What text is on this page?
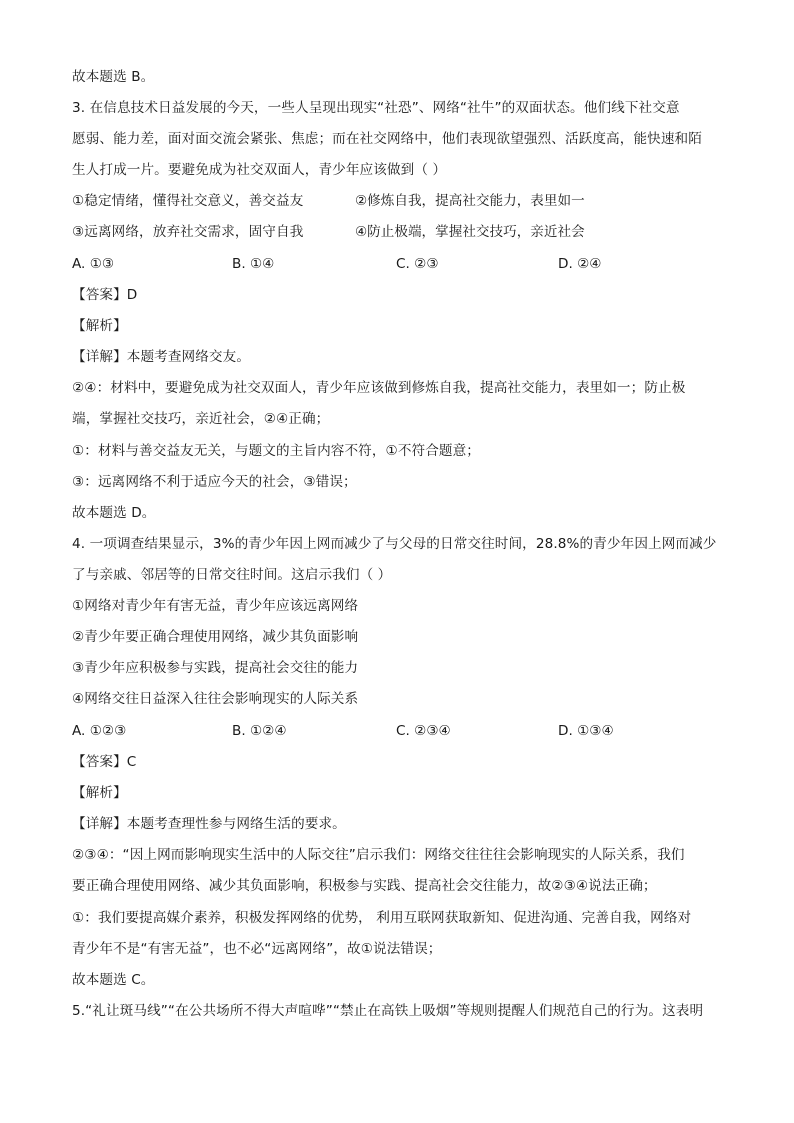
故本题选 B。
3. 在信息技术日益发展的今天，一些人呈现出现实“社恐”、网络“社牛”的双面状态。他们线下社交意
愿弱、能力差，面对面交流会紧张、焦虑；而在社交网络中，他们表现欲望强烈、活跃度高，能快速和陌
生人打成一片。要避免成为社交双面人，青少年应该做到（ ）
①稳定情绪，懂得社交意义，善交益友	②修炼自我，提高社交能力，表里如一
③远离网络，放弃社交需求，固守自我	④防止极端，掌握社交技巧，亲近社会
A. ①③	B. ①④	C. ②③	D. ②④
【答案】D
【解析】
【详解】本题考查网络交友。
②④：材料中，要避免成为社交双面人，青少年应该做到修炼自我，提高社交能力，表里如一；防止极
端，掌握社交技巧，亲近社会，②④正确；
①：材料与善交益友无关，与题文的主旨内容不符，①不符合题意；
③：远离网络不利于适应今天的社会，③错误；
故本题选 D。
4. 一项调查结果显示，3%的青少年因上网而减少了与父母的日常交往时间，28.8%的青少年因上网而减少
了与亲戚、邻居等的日常交往时间。这启示我们（ ）
①网络对青少年有害无益，青少年应该远离网络
②青少年要正确合理使用网络，减少其负面影响
③青少年应积极参与实践，提高社会交往的能力
④网络交往日益深入往往会影响现实的人际关系
A. ①②③	B. ①②④	C. ②③④	D. ①③④
【答案】C
【解析】
【详解】本题考查理性参与网络生活的要求。
②③④：“因上网而影响现实生活中的人际交往”启示我们：网络交往往往会影响现实的人际关系，我们
要正确合理使用网络、减少其负面影响，积极参与实践、提高社会交往能力，故②③④说法正确；
①：我们要提高媒介素养，积极发挥网络的优势， 利用互联网获取新知、促进沟通、完善自我，网络对
青少年不是“有害无益”，也不必“远离网络”，故①说法错误；
故本题选 C。
5.“礼让斑马线”“在公共场所不得大声喧哗”“禁止在高铁上吸烟”等规则提醒人们规范自己的行为。这表明
